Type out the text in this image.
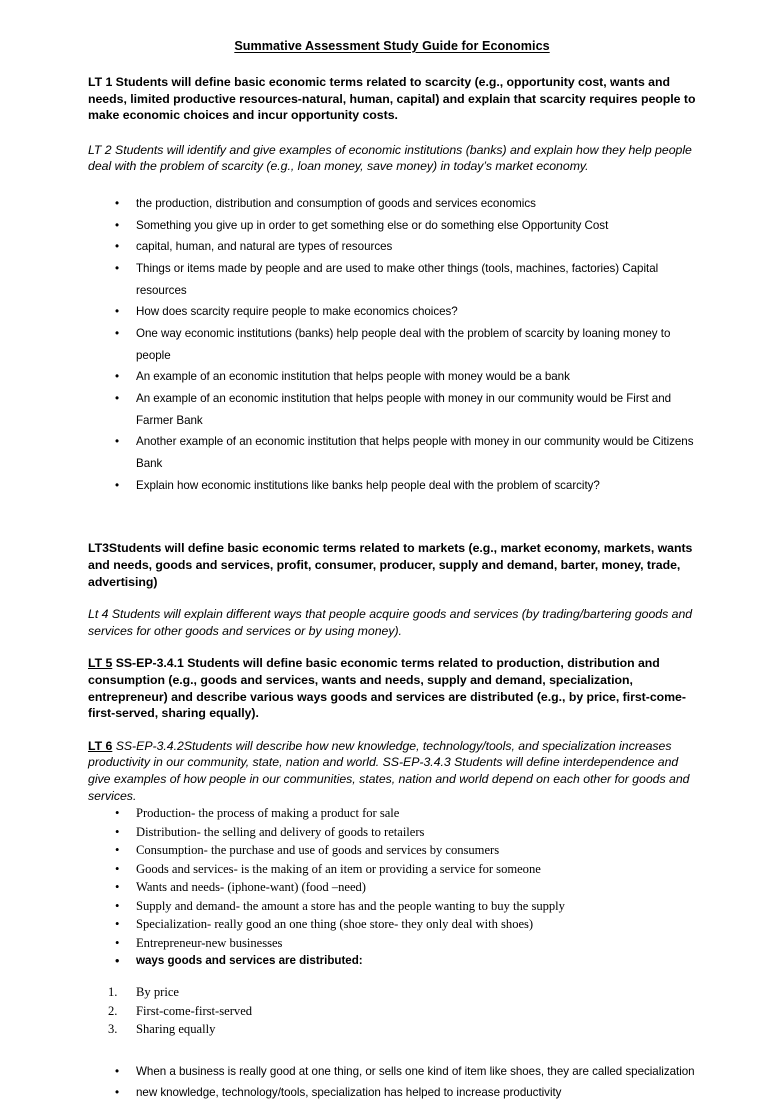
Summative Assessment Study Guide for Economics

LT 1 Students will define basic economic terms related to scarcity (e.g., opportunity cost, wants and needs, limited productive resources-natural, human, capital) and explain that scarcity requires people to make economic choices and incur opportunity costs.

LT 2 Students will identify and give examples of economic institutions (banks) and explain how they help people deal with the problem of scarcity (e.g., loan money, save money) in today’s market economy.

• the production, distribution and consumption of goods and services economics
• Something you give up in order to get something else or do something else Opportunity Cost
• capital, human, and natural are types of resources
• Things or items made by people and are used to make other things (tools, machines, factories) Capital resources
• How does scarcity require people to make economics choices?
• One way economic institutions (banks) help people deal with the problem of scarcity by loaning money to people
• An example of an economic institution that helps people with money would be a bank
• An example of an economic institution that helps people with money in our community would be First and Farmer Bank
• Another example of an economic institution that helps people with money in our community would be Citizens Bank
• Explain how economic institutions like banks help people deal with the problem of scarcity?

LT3Students will define basic economic terms related to markets (e.g., market economy, markets, wants and needs, goods and services, profit, consumer, producer, supply and demand, barter, money, trade, advertising)

Lt 4 Students will explain different ways that people acquire goods and services (by trading/bartering goods and services for other goods and services or by using money).

LT 5 SS-EP-3.4.1 Students will define basic economic terms related to production, distribution and consumption (e.g., goods and services, wants and needs, supply and demand, specialization, entrepreneur) and describe various ways goods and services are distributed (e.g., by price, first-come-first-served, sharing equally).

LT 6 SS-EP-3.4.2Students will describe how new knowledge, technology/tools, and specialization increases productivity in our community, state, nation and world. SS-EP-3.4.3 Students will define interdependence and give examples of how people in our communities, states, nation and world depend on each other for goods and services.

• Production- the process of making a product for sale
• Distribution- the selling and delivery of goods to retailers
• Consumption- the purchase and use of goods and services by consumers
• Goods and services- is the making of an item or providing a service for someone
• Wants and needs- (iphone-want) (food –need)
• Supply and demand- the amount a store has and the people wanting to buy the supply
• Specialization- really good an one thing (shoe store- they only deal with shoes)
• Entrepreneur-new businesses
• ways goods and services are distributed:
By price
First-come-first-served
Sharing equally
• When a business is really good at one thing, or sells one kind of item like shoes, they are called specialization
• new knowledge, technology/tools, specialization has helped to increase productivity
